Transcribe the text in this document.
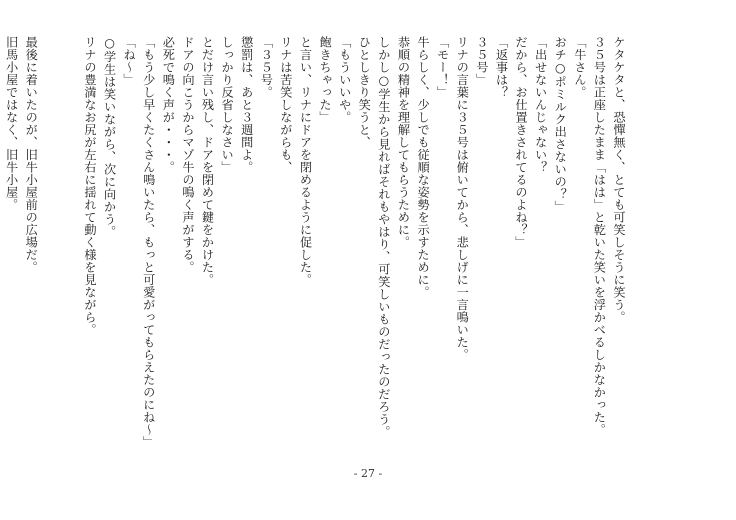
ケタケタと、恐憚無く、とても可笑しそうに笑う。
３５号は正座したまま「はは」と乾いた笑いを浮かべるしかなかった。
「牛さん。
おチ○ポミルク出さないの？」
「出せないんじゃない？
だから、お仕置きされてるのよね？」
「返事は？
３５号」
リナの言葉に３５号は俯いてから、悲しげに一言鳴いた。
「モー！」
牛らしく、少しでも従順な姿勢を示すために。
恭順の精神を理解してもらうために。
しかし○学生から見ればそれもやはり、可笑しいものだったのだろう。
ひとしきり笑うと、
「もういいや。
飽きちゃった」
と言い、リナにドアを閉めるように促した。
リナは苦笑しながらも、
「３５号。
懲罰は、あと３週間よ。
しっかり反省しなさい」
とだけ言い残し、ドアを閉めて鍵をかけた。
ドアの向こうからマゾ牛の鳴く声がする。
必死で鳴く声が・・・。
「もう少し早くたくさん鳴いたら、もっと可愛がってもらえたのにね～」
「ね～」
○学生は笑いながら、次に向かう。
リナの豊満なお尻が左右に揺れて動く様を見ながら。
最後に着いたのが、旧牛小屋前の広場だ。
旧馬小屋ではなく、旧牛小屋。
- 27 -
